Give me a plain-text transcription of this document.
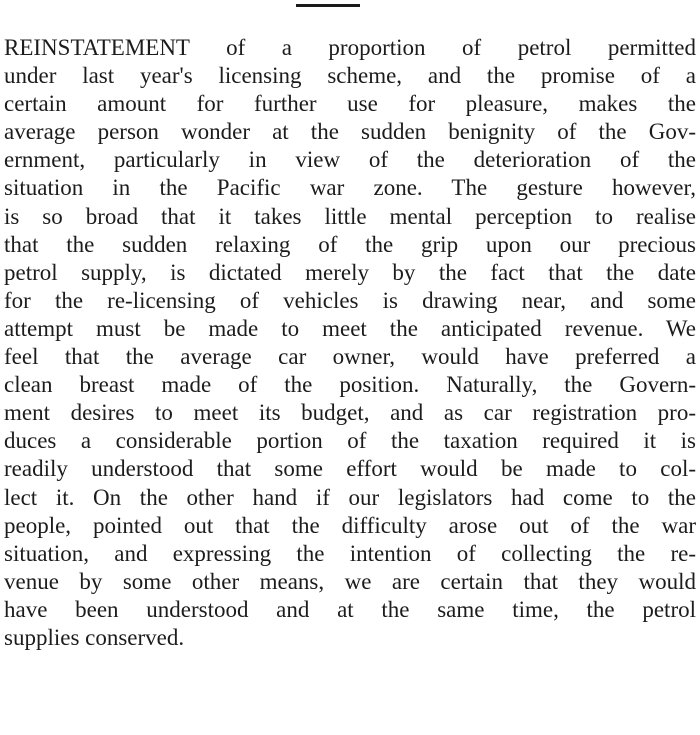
REINSTATEMENT of a proportion of petrol permitted
under last year's licensing scheme, and the promise of a
certain amount for further use for pleasure, makes the
average person wonder at the sudden benignity of the Gov-
ernment, particularly in view of the deterioration of the
situation in the Pacific war zone. The gesture however,
is so broad that it takes little mental perception to realise
that the sudden relaxing of the grip upon our precious
petrol supply, is dictated merely by the fact that the date
for the re-licensing of vehicles is drawing near, and some
attempt must be made to meet the anticipated revenue. We
feel that the average car owner, would have preferred a
clean breast made of the position. Naturally, the Govern-
ment desires to meet its budget, and as car registration pro-
duces a considerable portion of the taxation required it is
readily understood that some effort would be made to col-
lect it. On the other hand if our legislators had come to the
people, pointed out that the difficulty arose out of the war
situation, and expressing the intention of collecting the re-
venue by some other means, we are certain that they would
have been understood and at the same time, the petrol
supplies conserved.
